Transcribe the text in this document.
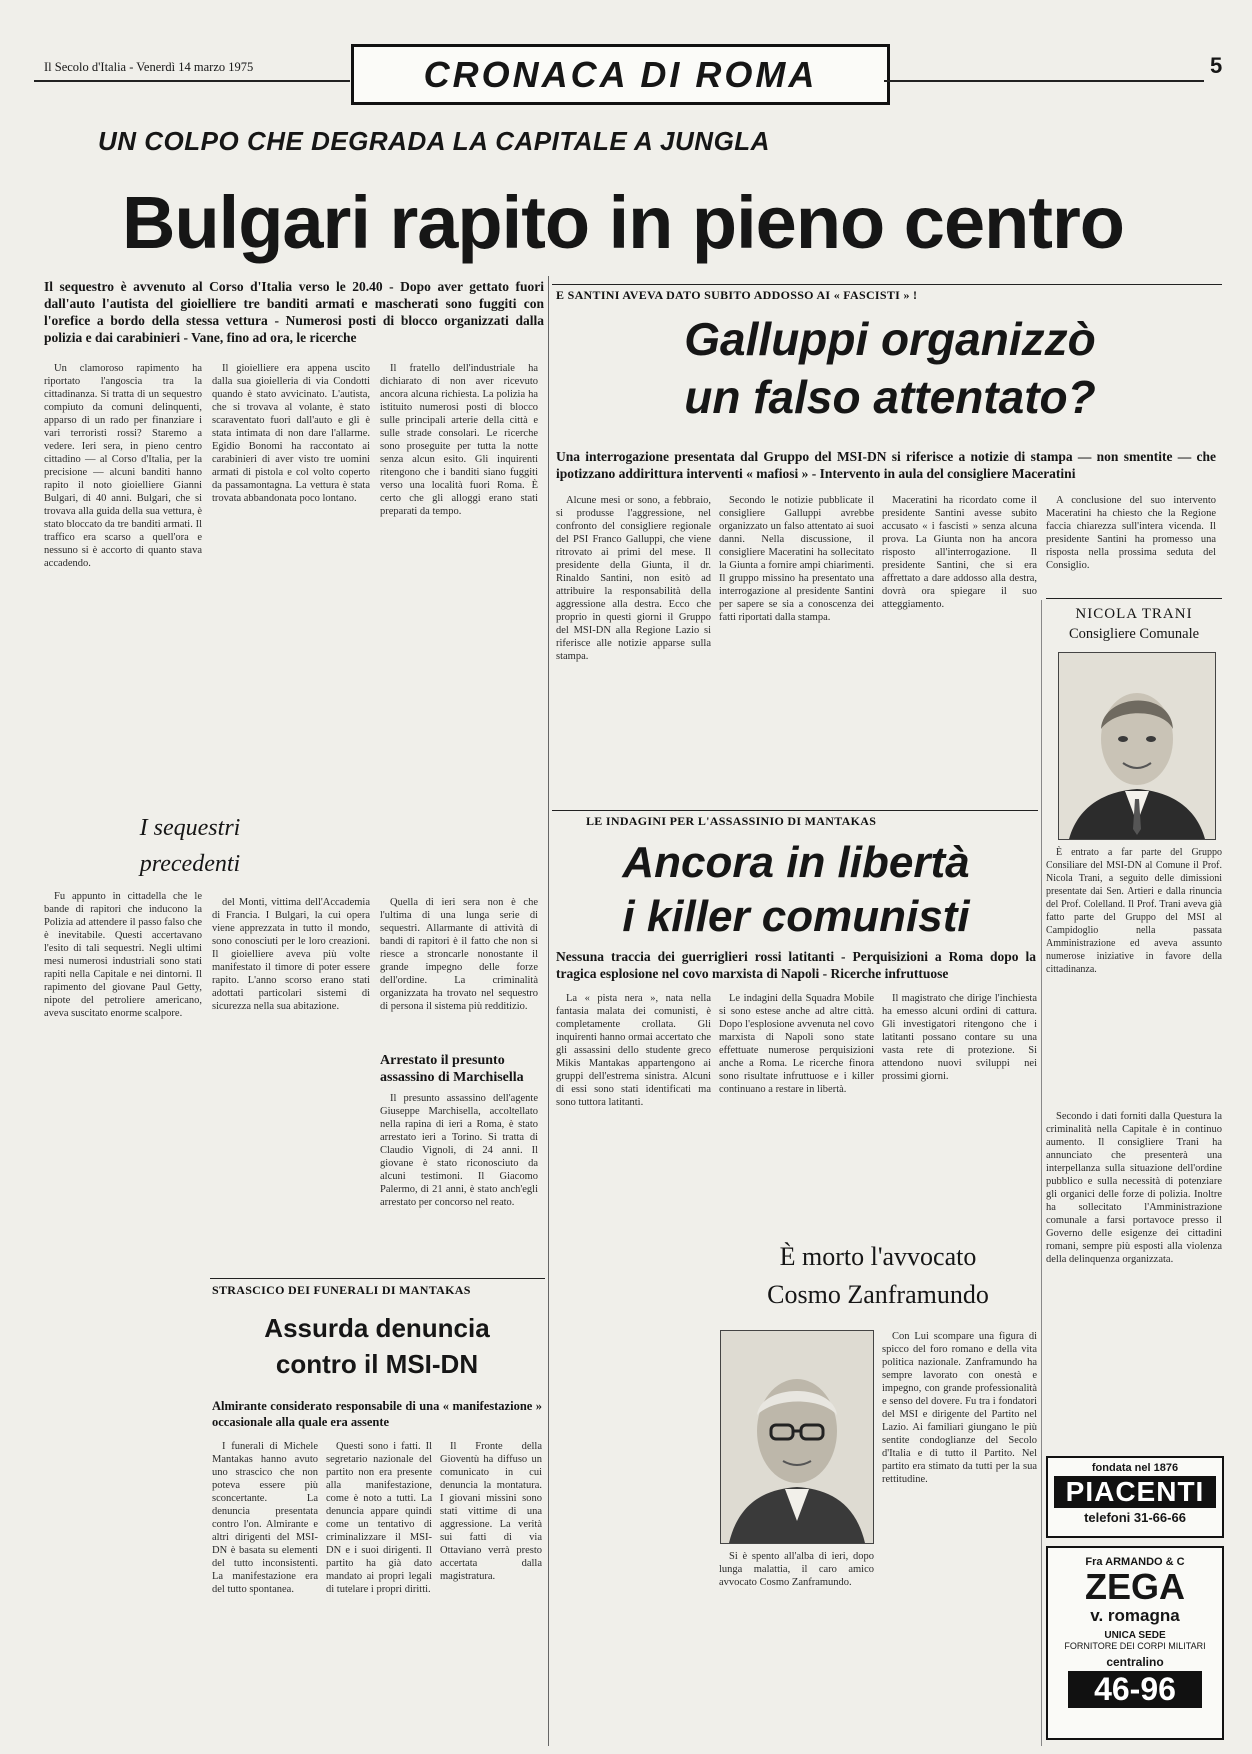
Il Secolo d'Italia - Venerdì 14 marzo 1975	CRONACA DI ROMA	5
UN COLPO CHE DEGRADA LA CAPITALE A JUNGLA
Bulgari rapito in pieno centro
Il sequestro è avvenuto al Corso d'Italia verso le 20.40 - Dopo aver gettato fuori dall'auto l'autista del gioielliere tre banditi armati e mascherati sono fuggiti con l'orefice a bordo della stessa vettura - Numerosi posti di blocco organizzati dalla polizia e dai carabinieri - Vane, fino ad ora, le ricerche

Un clamoroso rapimento ha riportato l'angoscia tra la cittadinanza. Si tratta di un sequestro compiuto da comuni delinquenti, apparso di un rado per finanziare i vari terroristi rossi? Staremo a vedere. Ieri sera, in pieno centro cittadino — al Corso d'Italia, per la precisione — alcuni banditi hanno rapito il noto gioielliere Gianni Bulgari, di 40 anni. Bulgari, che si trovava alla guida della sua vettura, è stato bloccato da tre banditi armati. Il traffico era scarso a quell'ora e nessuno si è accorto di quanto stava accadendo.

Il gioielliere era appena uscito dalla sua gioielleria di via Condotti quando è stato avvicinato. L'autista, che si trovava al volante, è stato scaraventato fuori dall'auto e gli è stata intimata di non dare l'allarme. Egidio Bonomi ha raccontato ai carabinieri di aver visto tre uomini armati di pistola e col volto coperto da passamontagna. La vettura è stata trovata abbandonata poco lontano.

Il fratello dell'industriale ha dichiarato di non aver ricevuto ancora alcuna richiesta. La polizia ha istituito numerosi posti di blocco sulle principali arterie della città e sulle strade consolari. Le ricerche sono proseguite per tutta la notte senza alcun esito. Gli inquirenti ritengono che i banditi siano fuggiti verso una località fuori Roma. È certo che gli alloggi erano stati preparati da tempo.

I sequestri precedenti

Fu appunto in cittadella che le bande di rapitori che inducono la Polizia ad attendere il passo falso che è inevitabile. Questi accertavano l'esito di tali sequestri. Negli ultimi mesi numerosi industriali sono stati rapiti nella Capitale e nei dintorni. Il rapimento del giovane Paul Getty, nipote del petroliere americano, aveva suscitato enorme scalpore.

del Monti, vittima dell'Accademia di Francia. I Bulgari, la cui opera viene apprezzata in tutto il mondo, sono conosciuti per le loro creazioni. Il gioielliere aveva più volte manifestato il timore di poter essere rapito. L'anno scorso erano stati adottati particolari sistemi di sicurezza nella sua abitazione.

Quella di ieri sera non è che l'ultima di una lunga serie di sequestri. Allarmante di attività di bandi di rapitori è il fatto che non si riesce a stroncarle nonostante il grande impegno delle forze dell'ordine. La criminalità organizzata ha trovato nel sequestro di persona il sistema più redditizio.

Arrestato il presunto
assassino di Marchisella

Il presunto assassino dell'agente Giuseppe Marchisella, accoltellato nella rapina di ieri a Roma, è stato arrestato ieri a Torino. Si tratta di Claudio Vignoli, di 24 anni. Il giovane è stato riconosciuto da alcuni testimoni. Il Giacomo Palermo, di 21 anni, è stato anch'egli arrestato per concorso nel reato.

STRASCICO DEI FUNERALI DI MANTAKAS
Assurda denuncia
contro il MSI-DN
Almirante considerato responsabile di una « manifestazione » occasionale alla quale era assente

I funerali di Michele Mantakas hanno avuto uno strascico che non poteva essere più sconcertante. La denuncia presentata contro l'on. Almirante e altri dirigenti del MSI-DN è basata su elementi del tutto inconsistenti. La manifestazione era del tutto spontanea.

Questi sono i fatti. Il segretario nazionale del partito non era presente alla manifestazione, come è noto a tutti. La denuncia appare quindi come un tentativo di criminalizzare il MSI-DN e i suoi dirigenti. Il partito ha già dato mandato ai propri legali di tutelare i propri diritti.

Il Fronte della Gioventù ha diffuso un comunicato in cui denuncia la montatura. I giovani missini sono stati vittime di una aggressione. La verità sui fatti di via Ottaviano verrà presto accertata dalla magistratura.

E SANTINI AVEVA DATO SUBITO ADDOSSO AI « FASCISTI » !
Galluppi organizzò
un falso attentato?
Una interrogazione presentata dal Gruppo del MSI-DN si riferisce a notizie di stampa — non smentite — che ipotizzano addirittura interventi « mafiosi » - Intervento in aula del consigliere Maceratini

Alcune mesi or sono, a febbraio, si produsse l'aggressione, nel confronto del consigliere regionale del PSI Franco Galluppi, che viene ritrovato ai primi del mese. Il presidente della Giunta, il dr. Rinaldo Santini, non esitò ad attribuire la responsabilità della aggressione alla destra. Ecco che proprio in questi giorni il Gruppo del MSI-DN alla Regione Lazio si riferisce alle notizie apparse sulla stampa.

Secondo le notizie pubblicate il consigliere Galluppi avrebbe organizzato un falso attentato ai suoi danni. Nella discussione, il consigliere Maceratini ha sollecitato la Giunta a fornire ampi chiarimenti. Il gruppo missino ha presentato una interrogazione al presidente Santini per sapere se sia a conoscenza dei fatti riportati dalla stampa.

Maceratini ha ricordato come il presidente Santini avesse subito accusato « i fascisti » senza alcuna prova. La Giunta non ha ancora risposto all'interrogazione. Il presidente Santini, che si era affrettato a dare addosso alla destra, dovrà ora spiegare il suo atteggiamento.

A conclusione del suo intervento Maceratini ha chiesto che la Regione faccia chiarezza sull'intera vicenda. Il presidente Santini ha promesso una risposta nella prossima seduta del Consiglio.

NICOLA TRANI
Consigliere Comunale

È entrato a far parte del Gruppo Consiliare del MSI-DN al Comune il Prof. Nicola Trani, a seguito delle dimissioni presentate dai Sen. Artieri e dalla rinuncia del Prof. Colelland. Il Prof. Trani aveva già fatto parte del Gruppo del MSI al Campidoglio nella passata Amministrazione ed aveva assunto numerose iniziative in favore della cittadinanza.

Secondo i dati forniti dalla Questura la criminalità nella Capitale è in continuo aumento. Il consigliere Trani ha annunciato che presenterà una interpellanza sulla situazione dell'ordine pubblico e sulla necessità di potenziare gli organici delle forze di polizia. Inoltre ha sollecitato l'Amministrazione comunale a farsi portavoce presso il Governo delle esigenze dei cittadini romani, sempre più esposti alla violenza della delinquenza organizzata.

LE INDAGINI PER L'ASSASSINIO DI MANTAKAS
Ancora in libertà
i killer comunisti
Nessuna traccia dei guerriglieri rossi latitanti - Perquisizioni a Roma dopo la tragica esplosione nel covo marxista di Napoli - Ricerche infruttuose

La « pista nera », nata nella fantasia malata dei comunisti, è completamente crollata. Gli inquirenti hanno ormai accertato che gli assassini dello studente greco Mikis Mantakas appartengono ai gruppi dell'estrema sinistra. Alcuni di essi sono stati identificati ma sono tuttora latitanti.

Le indagini della Squadra Mobile si sono estese anche ad altre città. Dopo l'esplosione avvenuta nel covo marxista di Napoli sono state effettuate numerose perquisizioni anche a Roma. Le ricerche finora sono risultate infruttuose e i killer continuano a restare in libertà.

Il magistrato che dirige l'inchiesta ha emesso alcuni ordini di cattura. Gli investigatori ritengono che i latitanti possano contare su una vasta rete di protezione. Si attendono nuovi sviluppi nei prossimi giorni.

È morto l'avvocato
Cosmo Zanframundo

Si è spento all'alba di ieri, dopo lunga malattia, il caro amico avvocato Cosmo Zanframundo.

Con Lui scompare una figura di spicco del foro romano e della vita politica nazionale. Zanframundo ha sempre lavorato con onestà e impegno, con grande professionalità e senso del dovere. Fu tra i fondatori del MSI e dirigente del Partito nel Lazio. Ai familiari giungano le più sentite condoglianze del Secolo d'Italia e di tutto il Partito. Nel partito era stimato da tutti per la sua rettitudine.

fondata nel 1876
PIACENTI
telefoni 31-66-66
Fra ARMANDO & C
ZEGA
v. romagna
UNICA SEDE
FORNITORE DEI CORPI MILITARI
centralino
46-96
